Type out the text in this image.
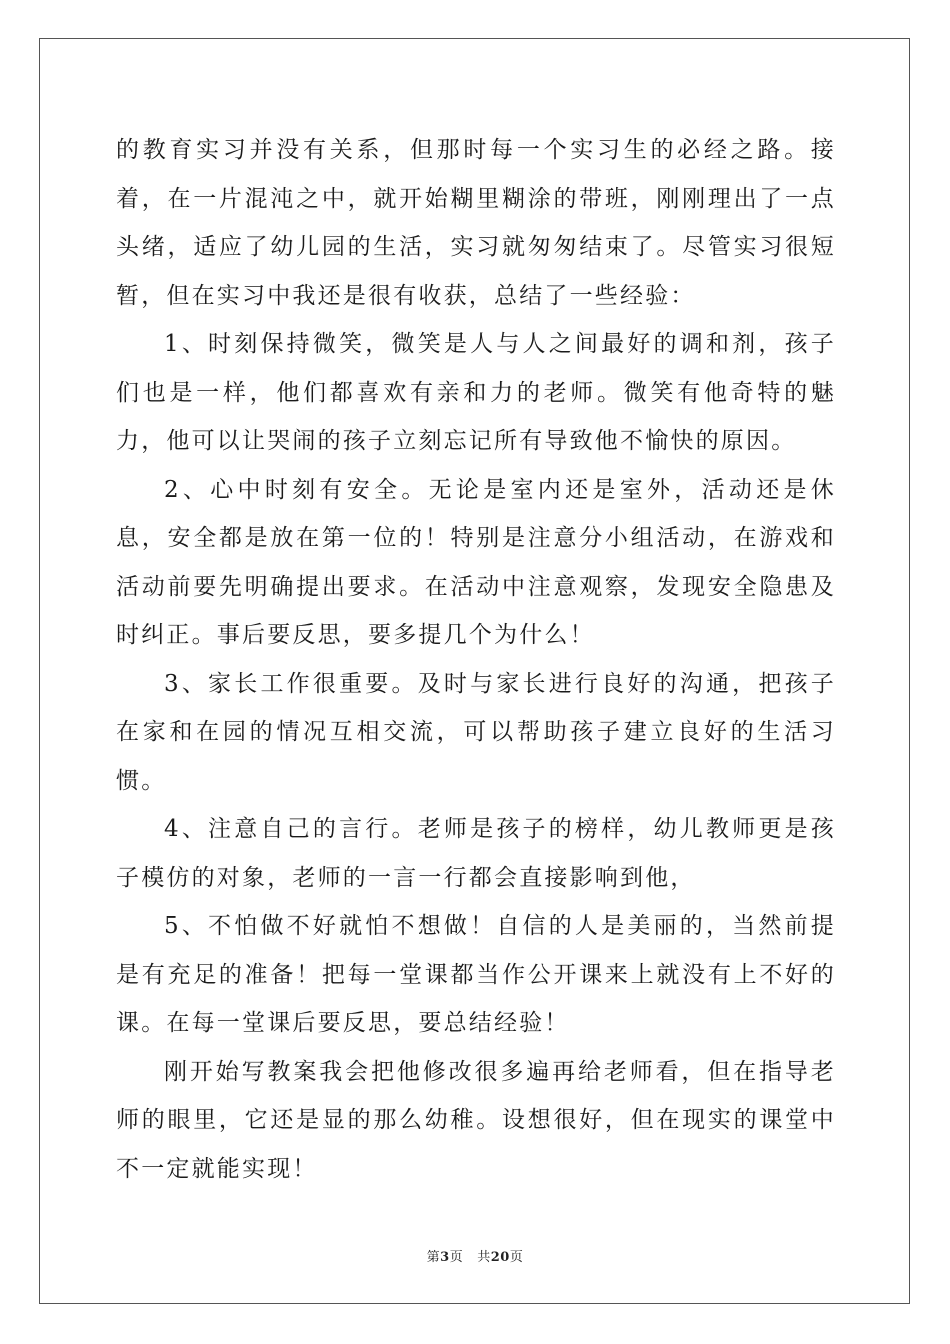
的教育实习并没有关系，但那时每一个实习生的必经之路。接着，在一片混沌之中，就开始糊里糊涂的带班，刚刚理出了一点头绪，适应了幼儿园的生活，实习就匆匆结束了。尽管实习很短暂，但在实习中我还是很有收获，总结了一些经验：

1、时刻保持微笑，微笑是人与人之间最好的调和剂，孩子们也是一样，他们都喜欢有亲和力的老师。微笑有他奇特的魅力，他可以让哭闹的孩子立刻忘记所有导致他不愉快的原因。

2、心中时刻有安全。无论是室内还是室外，活动还是休息，安全都是放在第一位的！特别是注意分小组活动，在游戏和活动前要先明确提出要求。在活动中注意观察，发现安全隐患及时纠正。事后要反思，要多提几个为什么！

3、家长工作很重要。及时与家长进行良好的沟通，把孩子在家和在园的情况互相交流，可以帮助孩子建立良好的生活习惯。

4、注意自己的言行。老师是孩子的榜样，幼儿教师更是孩子模仿的对象，老师的一言一行都会直接影响到他，

5、不怕做不好就怕不想做！自信的人是美丽的，当然前提是有充足的准备！把每一堂课都当作公开课来上就没有上不好的课。在每一堂课后要反思，要总结经验！

刚开始写教案我会把他修改很多遍再给老师看，但在指导老师的眼里，它还是显的那么幼稚。设想很好，但在现实的课堂中不一定就能实现！

第3页 共20页
